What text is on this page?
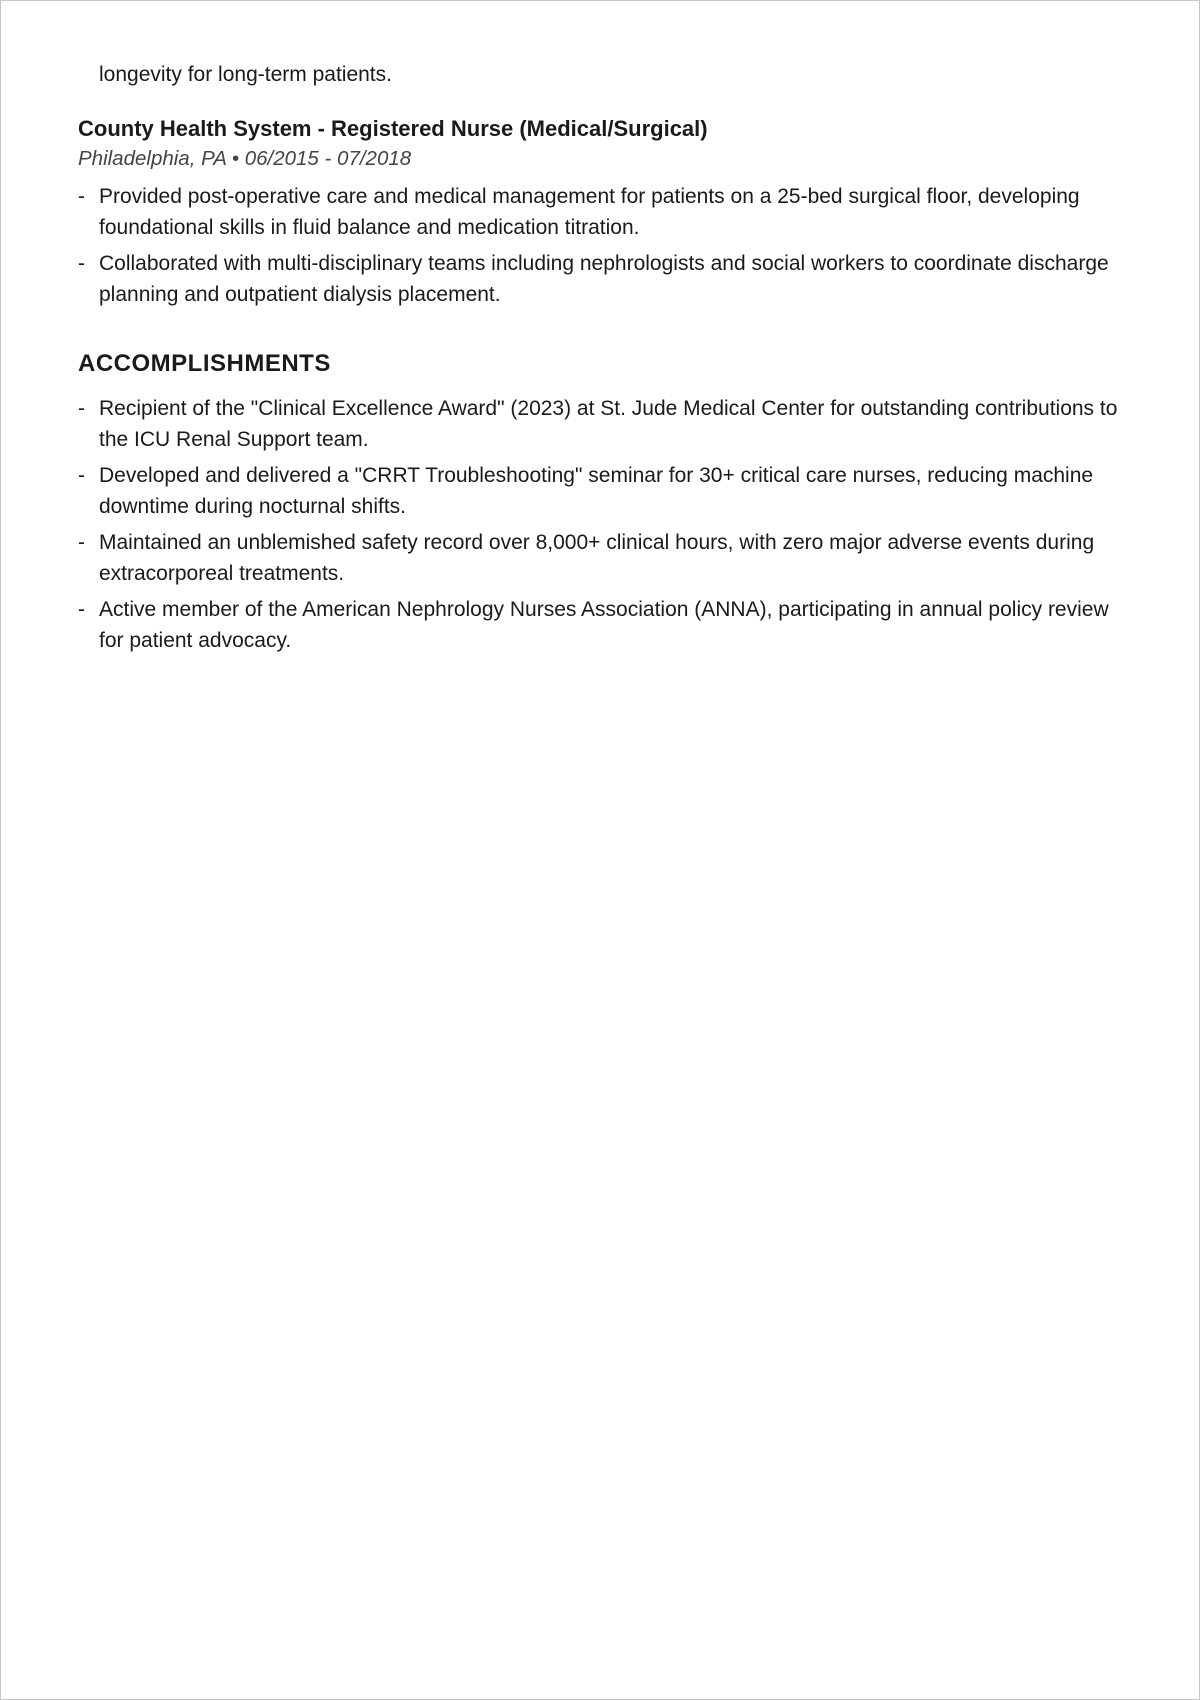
longevity for long-term patients.

County Health System - Registered Nurse (Medical/Surgical)

Philadelphia, PA • 06/2015 - 07/2018

- Provided post-operative care and medical management for patients on a 25-bed surgical floor, developing foundational skills in fluid balance and medication titration.
- Collaborated with multi-disciplinary teams including nephrologists and social workers to coordinate discharge planning and outpatient dialysis placement.
ACCOMPLISHMENTS
- Recipient of the "Clinical Excellence Award" (2023) at St. Jude Medical Center for outstanding contributions to the ICU Renal Support team.
- Developed and delivered a "CRRT Troubleshooting" seminar for 30+ critical care nurses, reducing machine downtime during nocturnal shifts.
- Maintained an unblemished safety record over 8,000+ clinical hours, with zero major adverse events during extracorporeal treatments.
- Active member of the American Nephrology Nurses Association (ANNA), participating in annual policy review for patient advocacy.
